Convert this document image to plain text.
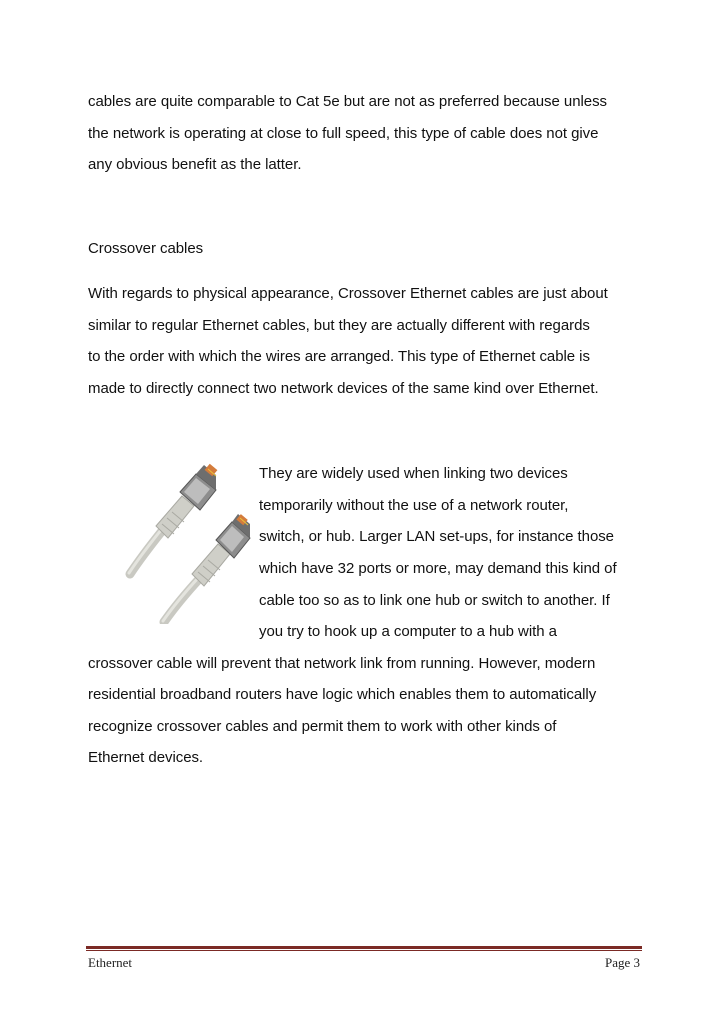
cables are quite comparable to Cat 5e but are not as preferred because unless
the network is operating at close to full speed, this type of cable does not give
any obvious benefit as the latter.
Crossover cables
With regards to physical appearance, Crossover Ethernet cables are just about
similar to regular Ethernet cables, but they are actually different with regards
to the order with which the wires are arranged. This type of Ethernet cable is
made to directly connect two network devices of the same kind over Ethernet.
They are widely used when linking two devices
temporarily without the use of a network router,
switch, or hub. Larger LAN set-ups, for instance those
which have 32 ports or more, may demand this kind of
cable too so as to link one hub or switch to another. If
you try to hook up a computer to a hub with a
crossover cable will prevent that network link from running. However, modern
residential broadband routers have logic which enables them to automatically
recognize crossover cables and permit them to work with other kinds of
Ethernet devices.
Ethernet	Page 3
